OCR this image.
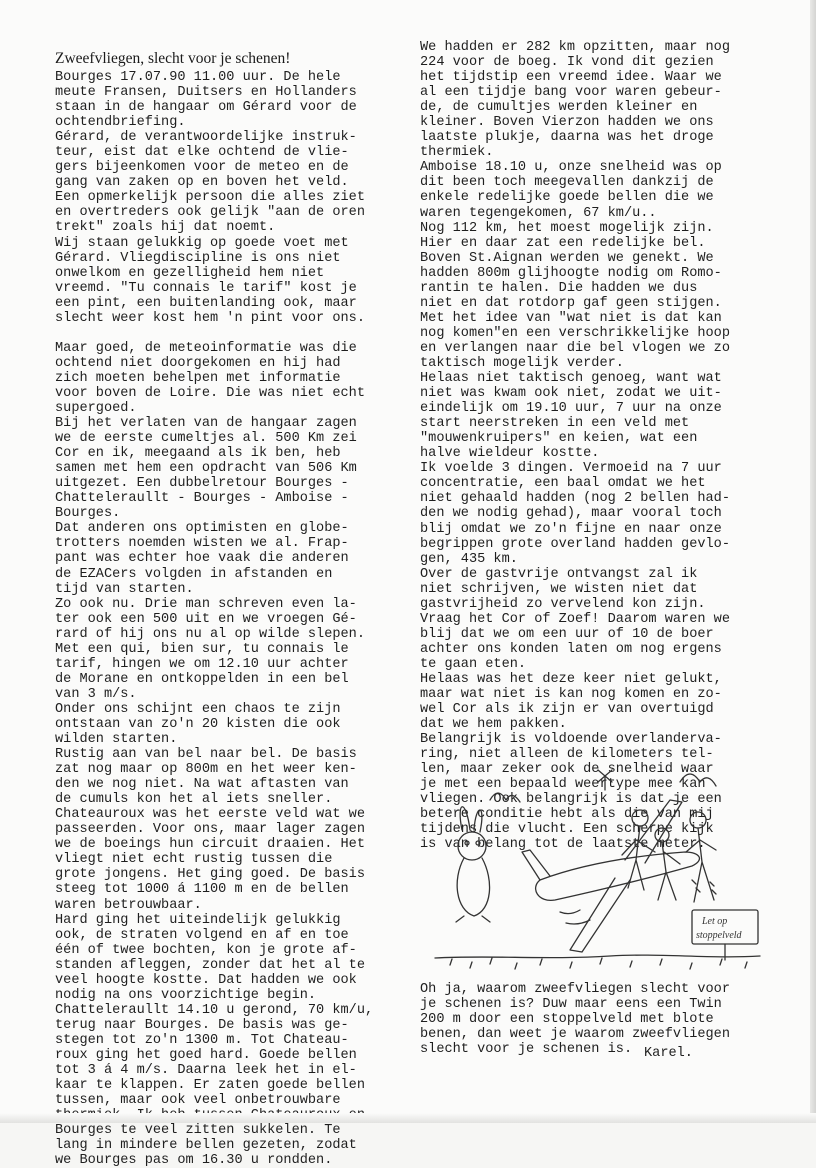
Zweefvliegen, slecht voor je schenen!

Bourges 17.07.90 11.00 uur. De hele
meute Fransen, Duitsers en Hollanders
staan in de hangaar om Gérard voor de
ochtendbriefing.
Gérard, de verantwoordelijke instruk-
teur, eist dat elke ochtend de vlie-
gers bijeenkomen voor de meteo en de
gang van zaken op en boven het veld.
Een opmerkelijk persoon die alles ziet
en overtreders ook gelijk "aan de oren
trekt" zoals hij dat noemt.
Wij staan gelukkig op goede voet met
Gérard. Vliegdiscipline is ons niet
onwelkom en gezelligheid hem niet
vreemd. "Tu connais le tarif" kost je
een pint, een buitenlanding ook, maar
slecht weer kost hem 'n pint voor ons.

Maar goed, de meteoinformatie was die
ochtend niet doorgekomen en hij had
zich moeten behelpen met informatie
voor boven de Loire. Die was niet echt
supergoed.
Bij het verlaten van de hangaar zagen
we de eerste cumeltjes al. 500 Km zei
Cor en ik, meegaand als ik ben, heb
samen met hem een opdracht van 506 Km
uitgezet. Een dubbelretour Bourges -
Chatteleraullt - Bourges - Amboise -
Bourges.
Dat anderen ons optimisten en globe-
trotters noemden wisten we al. Frap-
pant was echter hoe vaak die anderen
de EZACers volgden in afstanden en
tijd van starten.
Zo ook nu. Drie man schreven even la-
ter ook een 500 uit en we vroegen Gé-
rard of hij ons nu al op wilde slepen.
Met een qui, bien sur, tu connais le
tarif, hingen we om 12.10 uur achter
de Morane en ontkoppelden in een bel
van 3 m/s.
Onder ons schijnt een chaos te zijn
ontstaan van zo'n 20 kisten die ook
wilden starten.
Rustig aan van bel naar bel. De basis
zat nog maar op 800m en het weer ken-
den we nog niet. Na wat aftasten van
de cumuls kon het al iets sneller.
Chateauroux was het eerste veld wat we
passeerden. Voor ons, maar lager zagen
we de boeings hun circuit draaien. Het
vliegt niet echt rustig tussen die
grote jongens. Het ging goed. De basis
steeg tot 1000 á 1100 m en de bellen
waren betrouwbaar.
Hard ging het uiteindelijk gelukkig
ook, de straten volgend en af en toe
één of twee bochten, kon je grote af-
standen afleggen, zonder dat het al te
veel hoogte kostte. Dat hadden we ook
nodig na ons voorzichtige begin.
Chatteleraullt 14.10 u gerond, 70 km/u,
terug naar Bourges. De basis was ge-
stegen tot zo'n 1300 m. Tot Chateau-
roux ging het goed hard. Goede bellen
tot 3 á 4 m/s. Daarna leek het in el-
kaar te klappen. Er zaten goede bellen
tussen, maar ook veel onbetrouwbare

Bourges te veel zitten sukkelen. Te
lang in mindere bellen gezeten, zodat
we Bourges pas om 16.30 u rondden.

We hadden er 282 km opzitten, maar nog
224 voor de boeg. Ik vond dit gezien
het tijdstip een vreemd idee. Waar we
al een tijdje bang voor waren gebeur-
de, de cumultjes werden kleiner en
kleiner. Boven Vierzon hadden we ons
laatste plukje, daarna was het droge
thermiek.
Amboise 18.10 u, onze snelheid was op
dit been toch meegevallen dankzij de
enkele redelijke goede bellen die we
waren tegengekomen, 67 km/u..
Nog 112 km, het moest mogelijk zijn.
Hier en daar zat een redelijke bel.
Boven St.Aignan werden we genekt. We
hadden 800m glijhoogte nodig om Romo-
rantin te halen. Die hadden we dus
niet en dat rotdorp gaf geen stijgen.
Met het idee van "wat niet is dat kan
nog komen"en een verschrikkelijke hoop
en verlangen naar die bel vlogen we zo
taktisch mogelijk verder.
Helaas niet taktisch genoeg, want wat
niet was kwam ook niet, zodat we uit-
eindelijk om 19.10 uur, 7 uur na onze
start neerstreken in een veld met
"mouwenkruipers" en keien, wat een
halve wieldeur kostte.
Ik voelde 3 dingen. Vermoeid na 7 uur
concentratie, een baal omdat we het
niet gehaald hadden (nog 2 bellen had-
den we nodig gehad), maar vooral toch
blij omdat we zo'n fijne en naar onze
begrippen grote overland hadden gevlo-
gen, 435 km.
Over de gastvrije ontvangst zal ik
niet schrijven, we wisten niet dat
gastvrijheid zo vervelend kon zijn.
Vraag het Cor of Zoef! Daarom waren we
blij dat we om een uur of 10 de boer
achter ons konden laten om nog ergens
te gaan eten.
Helaas was het deze keer niet gelukt,
maar wat niet is kan nog komen en zo-
wel Cor als ik zijn er van overtuigd
dat we hem pakken.
Belangrijk is voldoende overlanderva-
ring, niet alleen de kilometers tel-
len, maar zeker ook de snelheid waar
je met een bepaald weertype mee kan
vliegen. Ook belangrijk is dat je een
betere conditie hebt als die van mij
tijdens die vlucht. Een scherpe kijk
is van belang tot de laatste meter.

Let op
stoppelveld

Oh ja, waarom zweefvliegen slecht voor
je schenen is? Duw maar eens een Twin
200 m door een stoppelveld met blote
benen, dan weet je waarom zweefvliegen
slecht voor je schenen is. Karel.
